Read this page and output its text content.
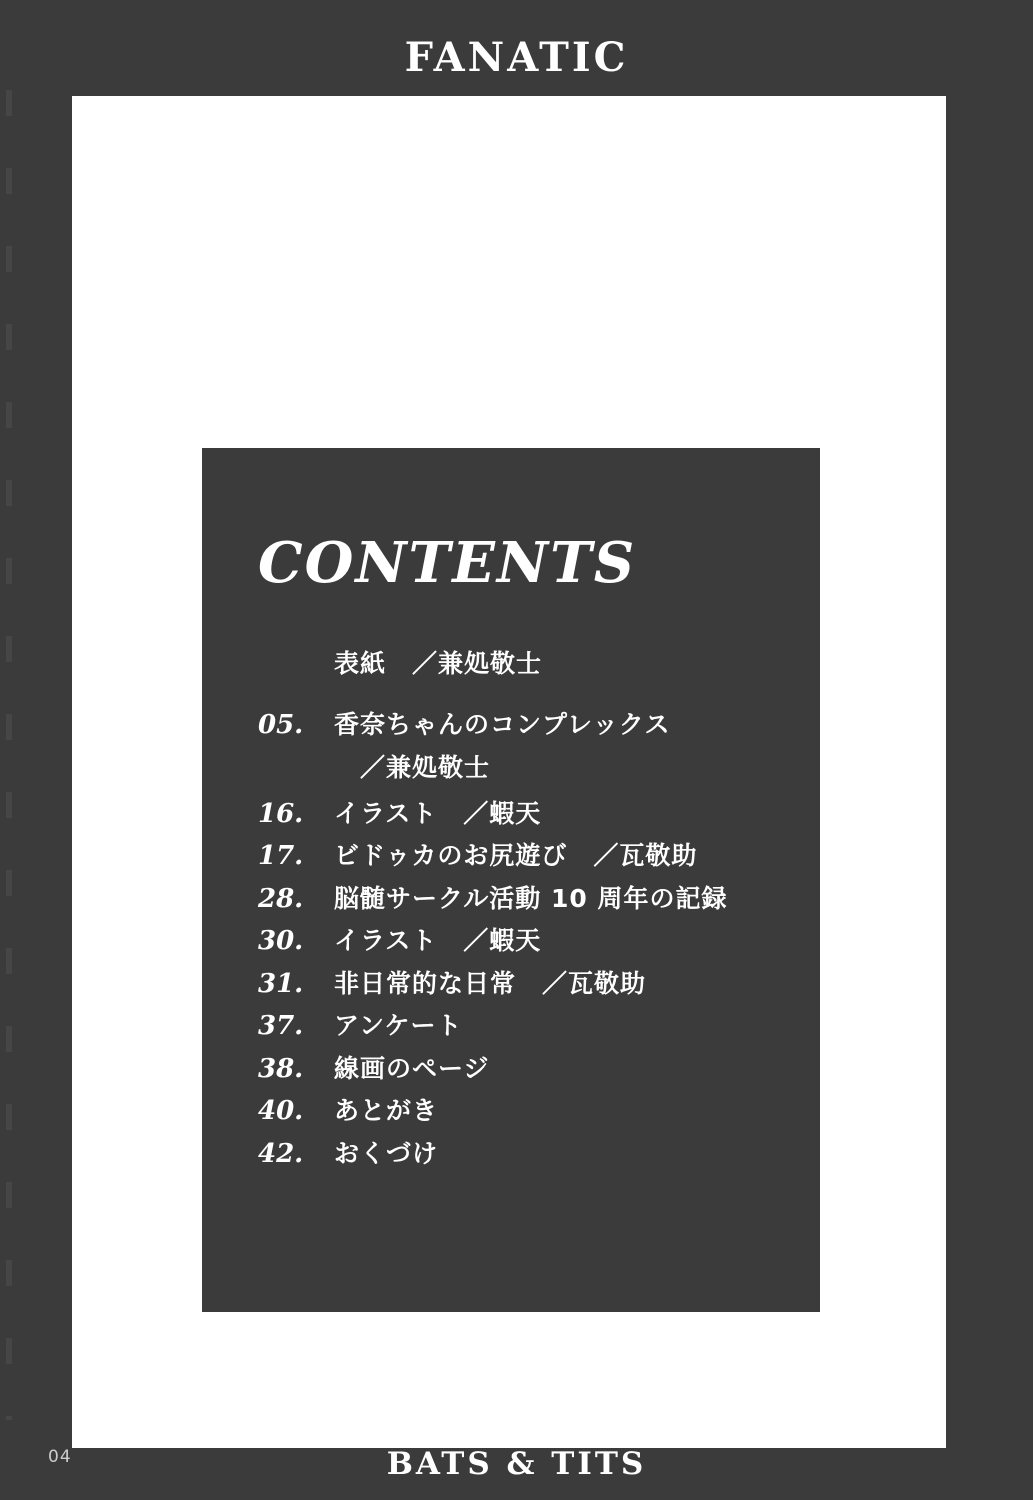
FANATIC
CONTENTS
表紙　／兼処敬士
05.	香奈ちゃんのコンプレックス
／兼処敬士
16.	イラスト　／蝦天
17.	ビドゥカのお尻遊び　／瓦敬助
28.	脳髄サークル活動 10 周年の記録
30.	イラスト　／蝦天
31.	非日常的な日常　／瓦敬助
37.	アンケート
38.	線画のページ
40.	あとがき
42.	おくづけ
04	BATS & TITS
